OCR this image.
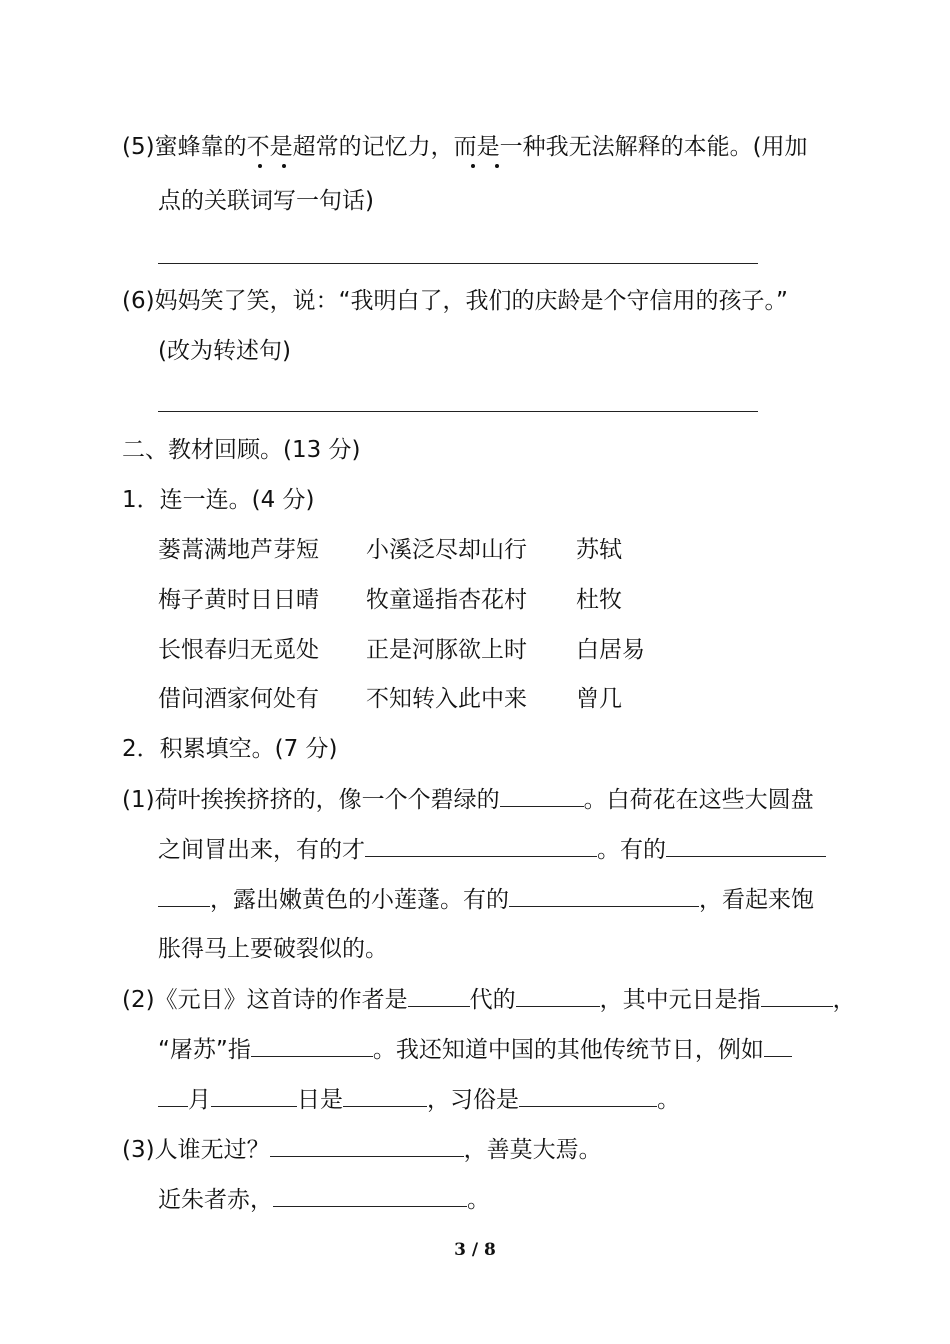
(5)蜜蜂靠的不是超常的记忆力，而是一种我无法解释的本能。(用加
点的关联词写一句话)
(6)妈妈笑了笑，说：“我明白了，我们的庆龄是个守信用的孩子。”
(改为转述句)
二、教材回顾。(13 分)
1．连一连。(4 分)
蒌蒿满地芦芽短	小溪泛尽却山行	苏轼
梅子黄时日日晴	牧童遥指杏花村	杜牧
长恨春归无觅处	正是河豚欲上时	白居易
借问酒家何处有	不知转入此中来	曾几
2．积累填空。(7 分)
(1)荷叶挨挨挤挤的，像一个个碧绿的	。白荷花在这些大圆盘
之间冒出来，有的才	。有的
，露出嫩黄色的小莲蓬。有的	，看起来饱
胀得马上要破裂似的。
(2)《元日》这首诗的作者是	代的	，其中元日是指	，
“屠苏”指	。我还知道中国的其他传统节日，例如
月	日是	，习俗是	。
(3)人谁无过？	，善莫大焉。
近朱者赤，	。
3 / 8
